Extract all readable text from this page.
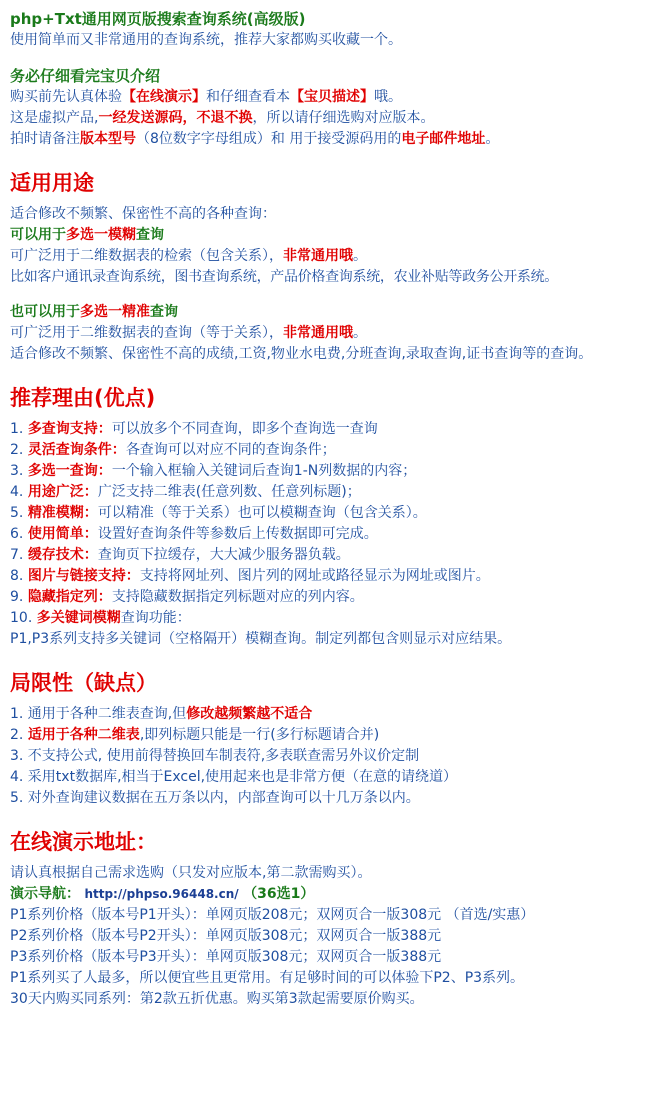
php+Txt通用网页版搜索查询系统(高级版)

使用简单而又非常通用的查询系统，推荐大家都购买收藏一个。

务必仔细看完宝贝介绍

购买前先认真体验【在线演示】和仔细查看本【宝贝描述】哦。

这是虚拟产品,一经发送源码，不退不换，所以请仔细选购对应版本。

拍时请备注版本型号（8位数字字母组成）和 用于接受源码用的电子邮件地址。

适用用途

适合修改不频繁、保密性不高的各种查询：

可以用于多选一模糊查询

可广泛用于二维数据表的检索（包含关系），非常通用哦。

比如客户通讯录查询系统，图书查询系统，产品价格查询系统，农业补贴等政务公开系统。

也可以用于多选一精准查询

可广泛用于二维数据表的查询（等于关系），非常通用哦。

适合修改不频繁、保密性不高的成绩,工资,物业水电费,分班查询,录取查询,证书查询等的查询。

推荐理由(优点)

1. 多查询支持：可以放多个不同查询，即多个查询选一查询

2. 灵活查询条件：各查询可以对应不同的查询条件；

3. 多选一查询：一个输入框输入关键词后查询1-N列数据的内容；

4. 用途广泛：广泛支持二维表(任意列数、任意列标题)；

5. 精准模糊：可以精准（等于关系）也可以模糊查询（包含关系）。

6. 使用简单：设置好查询条件等参数后上传数据即可完成。

7. 缓存技术：查询页下拉缓存，大大减少服务器负载。

8. 图片与链接支持：支持将网址列、图片列的网址或路径显示为网址或图片。

9. 隐藏指定列：支持隐藏数据指定列标题对应的列内容。

10. 多关键词模糊查询功能：

P1,P3系列支持多关键词（空格隔开）模糊查询。制定列都包含则显示对应结果。

局限性（缺点）

1. 通用于各种二维表查询,但修改越频繁越不适合

2. 适用于各种二维表,即列标题只能是一行(多行标题请合并)

3. 不支持公式, 使用前得替换回车制表符,多表联查需另外议价定制

4. 采用txt数据库,相当于Excel,使用起来也是非常方便（在意的请绕道）

5. 对外查询建议数据在五万条以内，内部查询可以十几万条以内。

在线演示地址：

请认真根据自己需求选购（只发对应版本,第二款需购买）。

演示导航： http://phpso.96448.cn/ （36选1）

P1系列价格（版本号P1开头）：单网页版208元；双网页合一版308元 （首选/实惠）

P2系列价格（版本号P2开头）：单网页版308元；双网页合一版388元

P3系列价格（版本号P3开头）：单网页版308元；双网页合一版388元

P1系列买了人最多，所以便宜些且更常用。有足够时间的可以体验下P2、P3系列。

30天内购买同系列：第2款五折优惠。购买第3款起需要原价购买。
